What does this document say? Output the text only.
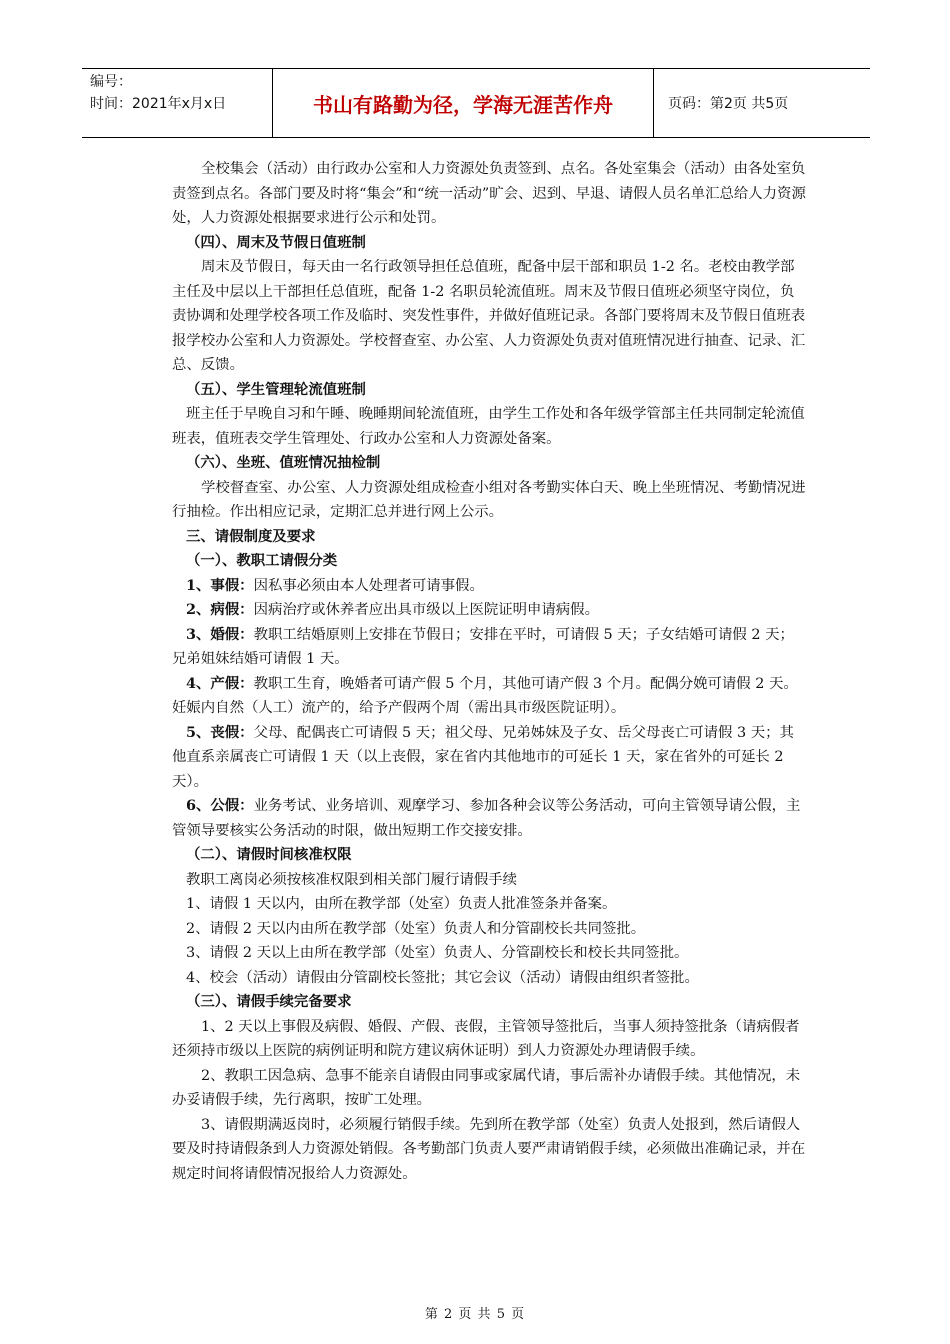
编号：
时间：2021年x月x日	书山有路勤为径，学海无涯苦作舟	页码：第2页 共5页

全校集会（活动）由行政办公室和人力资源处负责签到、点名。各处室集会（活动）由各处室负责签到点名。各部门要及时将“集会”和“统一活动”旷会、迟到、早退、请假人员名单汇总给人力资源处，人力资源处根据要求进行公示和处罚。

（四）、周末及节假日值班制

周末及节假日，每天由一名行政领导担任总值班，配备中层干部和职员 1-2 名。老校由教学部主任及中层以上干部担任总值班，配备 1-2 名职员轮流值班。周末及节假日值班必须坚守岗位，负责协调和处理学校各项工作及临时、突发性事件，并做好值班记录。各部门要将周末及节假日值班表报学校办公室和人力资源处。学校督查室、办公室、人力资源处负责对值班情况进行抽查、记录、汇总、反馈。

（五）、学生管理轮流值班制

班主任于早晚自习和午睡、晚睡期间轮流值班，由学生工作处和各年级学管部主任共同制定轮流值班表，值班表交学生管理处、行政办公室和人力资源处备案。

（六）、坐班、值班情况抽检制

学校督查室、办公室、人力资源处组成检查小组对各考勤实体白天、晚上坐班情况、考勤情况进行抽检。作出相应记录，定期汇总并进行网上公示。

三、请假制度及要求

（一）、教职工请假分类

1、事假：因私事必须由本人处理者可请事假。

2、病假：因病治疗或休养者应出具市级以上医院证明申请病假。

3、婚假：教职工结婚原则上安排在节假日；安排在平时，可请假 5 天；子女结婚可请假 2 天；兄弟姐妹结婚可请假 1 天。

4、产假：教职工生育，晚婚者可请产假 5 个月，其他可请产假 3 个月。配偶分娩可请假 2 天。妊娠内自然（人工）流产的，给予产假两个周（需出具市级医院证明）。

5、丧假：父母、配偶丧亡可请假 5 天；祖父母、兄弟姊妹及子女、岳父母丧亡可请假 3 天；其他直系亲属丧亡可请假 1 天（以上丧假，家在省内其他地市的可延长 1 天，家在省外的可延长 2 天）。

6、公假：业务考试、业务培训、观摩学习、参加各种会议等公务活动，可向主管领导请公假，主管领导要核实公务活动的时限，做出短期工作交接安排。

（二）、请假时间核准权限

教职工离岗必须按核准权限到相关部门履行请假手续

1、请假 1 天以内，由所在教学部（处室）负责人批准签条并备案。

2、请假 2 天以内由所在教学部（处室）负责人和分管副校长共同签批。

3、请假 2 天以上由所在教学部（处室）负责人、分管副校长和校长共同签批。

4、校会（活动）请假由分管副校长签批；其它会议（活动）请假由组织者签批。

（三）、请假手续完备要求

1、2 天以上事假及病假、婚假、产假、丧假，主管领导签批后，当事人须持签批条（请病假者还须持市级以上医院的病例证明和院方建议病休证明）到人力资源处办理请假手续。

2、教职工因急病、急事不能亲自请假由同事或家属代请，事后需补办请假手续。其他情况，未办妥请假手续，先行离职，按旷工处理。

3、请假期满返岗时，必须履行销假手续。先到所在教学部（处室）负责人处报到，然后请假人要及时持请假条到人力资源处销假。各考勤部门负责人要严肃请销假手续，必须做出准确记录，并在规定时间将请假情况报给人力资源处。

第 2 页 共 5 页
